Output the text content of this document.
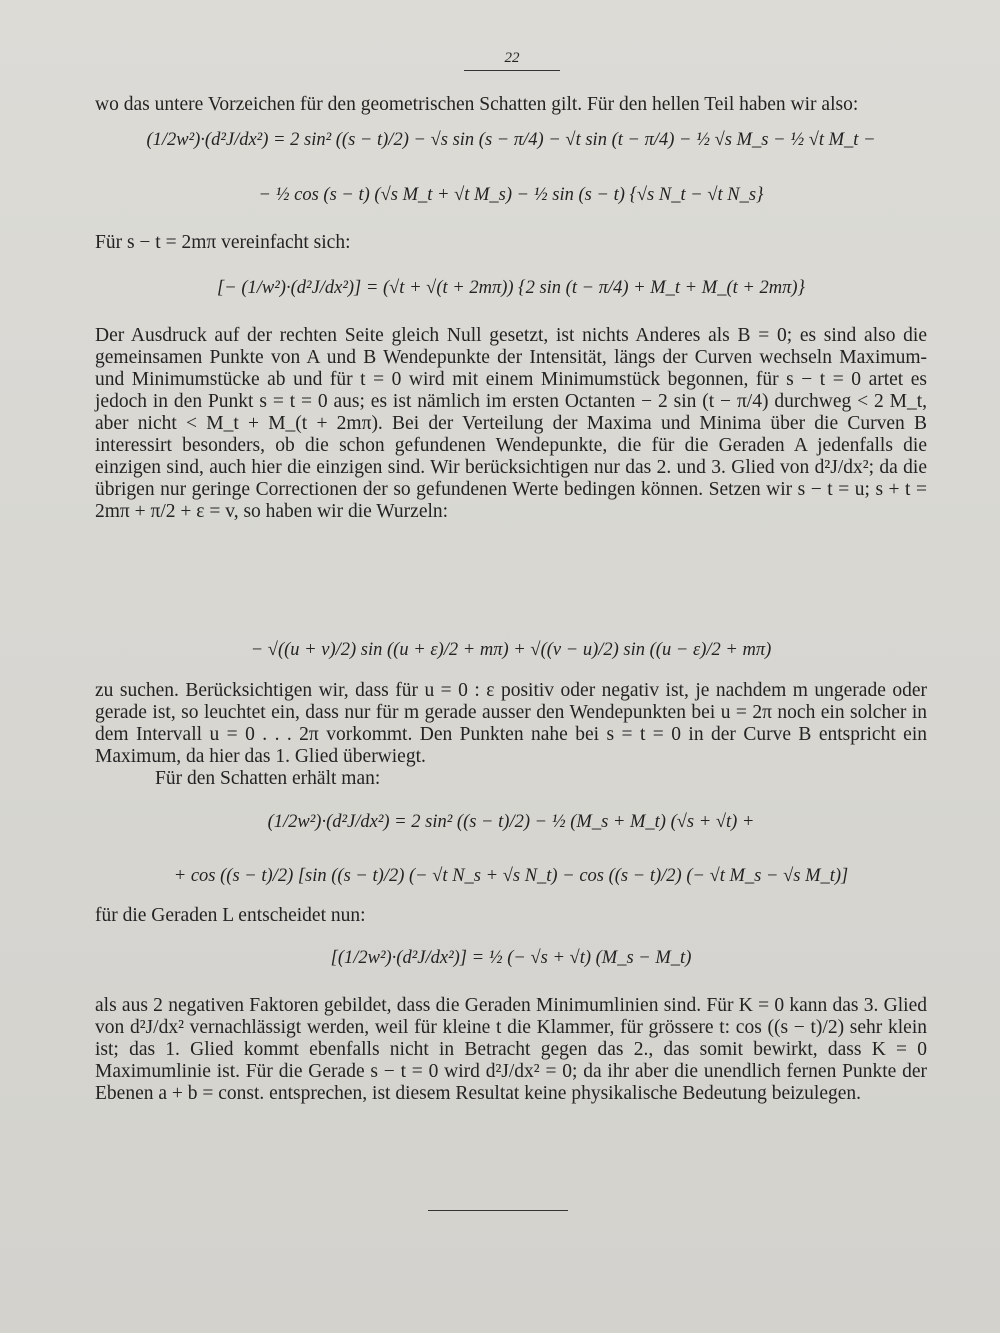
22
wo das untere Vorzeichen für den geometrischen Schatten gilt. Für den hellen Teil haben wir also:
(1/2w²)·(d²J/dx²) = 2 sin² ((s − t)/2) − √s sin (s − π/4) − √t sin (t − π/4) − ½ √s M_s − ½ √t M_t −
− ½ cos (s − t) (√s M_t + √t M_s) − ½ sin (s − t) {√s N_t − √t N_s}
Für s − t = 2mπ vereinfacht sich:
[− (1/w²)·(d²J/dx²)] = (√t + √(t + 2mπ)) {2 sin (t − π/4) + M_t + M_(t + 2mπ)}
Der Ausdruck auf der rechten Seite gleich Null gesetzt, ist nichts Anderes als B = 0; es sind also die gemeinsamen Punkte von A und B Wendepunkte der Intensität, längs der Curven wechseln Maximum- und Minimumstücke ab und für t = 0 wird mit einem Minimumstück begonnen, für s − t = 0 artet es jedoch in den Punkt s = t = 0 aus; es ist nämlich im ersten Octanten − 2 sin (t − π/4) durchweg < 2 M_t, aber nicht < M_t + M_(t + 2mπ). Bei der Verteilung der Maxima und Minima über die Curven B interessirt besonders, ob die schon gefundenen Wendepunkte, die für die Geraden A jedenfalls die einzigen sind, auch hier die einzigen sind. Wir berücksichtigen nur das 2. und 3. Glied von d²J/dx²; da die übrigen nur geringe Correctionen der so gefundenen Werte bedingen können. Setzen wir s − t = u; s + t = 2mπ + π/2 + ε = v, so haben wir die Wurzeln:
− √((u + v)/2) sin ((u + ε)/2 + mπ) + √((v − u)/2) sin ((u − ε)/2 + mπ)
zu suchen. Berücksichtigen wir, dass für u = 0 : ε positiv oder negativ ist, je nachdem m ungerade oder gerade ist, so leuchtet ein, dass nur für m gerade ausser den Wendepunkten bei u = 2π noch ein solcher in dem Intervall u = 0 . . . 2π vorkommt. Den Punkten nahe bei s = t = 0 in der Curve B entspricht ein Maximum, da hier das 1. Glied überwiegt.
Für den Schatten erhält man:
(1/2w²)·(d²J/dx²) = 2 sin² ((s − t)/2) − ½ (M_s + M_t) (√s + √t) +
+ cos ((s − t)/2) [sin ((s − t)/2) (− √t N_s + √s N_t) − cos ((s − t)/2) (− √t M_s − √s M_t)]
für die Geraden L entscheidet nun:
[(1/2w²)·(d²J/dx²)] = ½ (− √s + √t) (M_s − M_t)
als aus 2 negativen Faktoren gebildet, dass die Geraden Minimumlinien sind. Für K = 0 kann das 3. Glied von d²J/dx² vernachlässigt werden, weil für kleine t die Klammer, für grössere t: cos ((s − t)/2) sehr klein ist; das 1. Glied kommt ebenfalls nicht in Betracht gegen das 2., das somit bewirkt, dass K = 0 Maximumlinie ist. Für die Gerade s − t = 0 wird d²J/dx² = 0; da ihr aber die unendlich fernen Punkte der Ebenen a + b = const. entsprechen, ist diesem Resultat keine physikalische Bedeutung beizulegen.
